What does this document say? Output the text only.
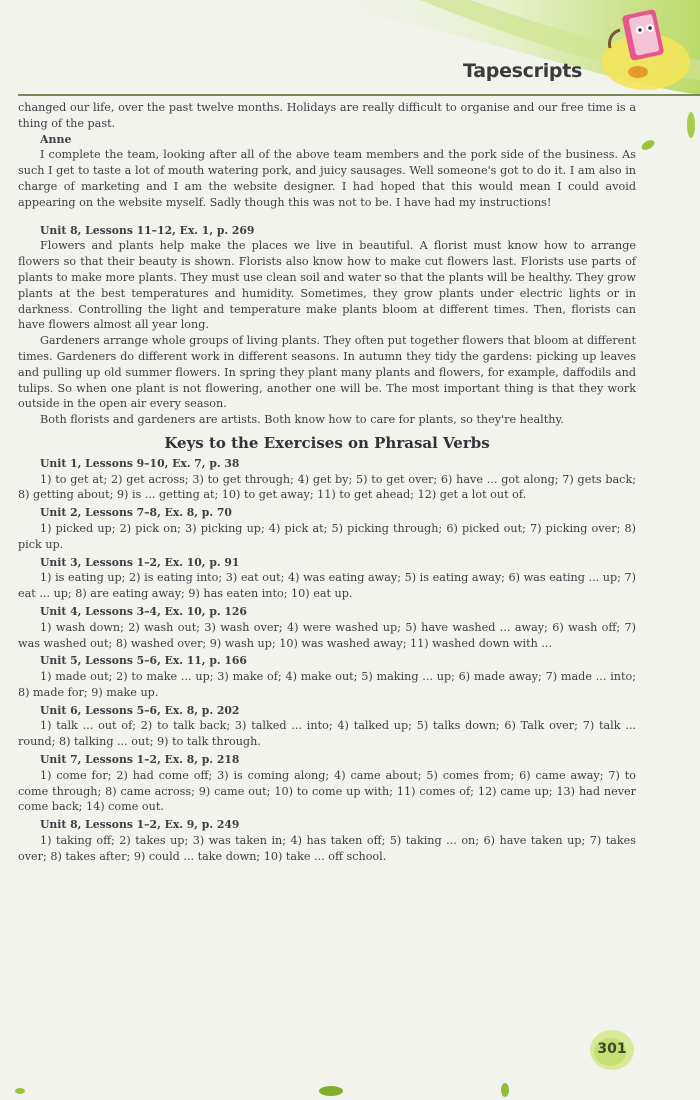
Tapescripts

changed our life, over the past twelve months. Holidays are really difficult to organise and our free time is a thing of the past.

Anne

I complete the team, looking after all of the above team members and the pork side of the business. As such I get to taste a lot of mouth watering pork, and juicy sausages. Well someone's got to do it. I am also in charge of marketing and I am the website designer. I had hoped that this would mean I could avoid appearing on the website myself. Sadly though this was not to be. I have had my instructions!

Unit 8, Lessons 11–12, Ex. 1, p. 269

Flowers and plants help make the places we live in beautiful. A florist must know how to arrange flowers so that their beauty is shown. Florists also know how to make cut flowers last. Florists use parts of plants to make more plants. They must use clean soil and water so that the plants will be healthy. They grow plants at the best temperatures and humidity. Sometimes, they grow plants under electric lights or in darkness. Controlling the light and temperature make plants bloom at different times. Then, florists can have flowers almost all year long.

Gardeners arrange whole groups of living plants. They often put together flowers that bloom at different times. Gardeners do different work in different seasons. In autumn they tidy the gardens: picking up leaves and pulling up old summer flowers. In spring they plant many plants and flowers, for example, daffodils and tulips. So when one plant is not flowering, another one will be. The most important thing is that they work outside in the open air every season.

Both florists and gardeners are artists. Both know how to care for plants, so they're healthy.

Keys to the Exercises on Phrasal Verbs

Unit 1, Lessons 9–10, Ex. 7, p. 38

1) to get at; 2) get across; 3) to get through; 4) get by; 5) to get over; 6) have ... got along; 7) gets back; 8) getting about; 9) is ... getting at; 10) to get away; 11) to get ahead; 12) get a lot out of.

Unit 2, Lessons 7–8, Ex. 8, p. 70

1) picked up; 2) pick on; 3) picking up; 4) pick at; 5) picking through; 6) picked out; 7) picking over; 8) pick up.

Unit 3, Lessons 1–2, Ex. 10, p. 91

1) is eating up; 2) is eating into; 3) eat out; 4) was eating away; 5) is eating away; 6) was eating ... up; 7) eat ... up; 8) are eating away; 9) has eaten into; 10) eat up.

Unit 4, Lessons 3–4, Ex. 10, p. 126

1) wash down; 2) wash out; 3) wash over; 4) were washed up; 5) have washed ... away; 6) wash off; 7) was washed out; 8) washed over; 9) wash up; 10) was washed away; 11) washed down with ...

Unit 5, Lessons 5–6, Ex. 11, p. 166

1) made out; 2) to make ... up; 3) make of; 4) make out; 5) making ... up; 6) made away; 7) made ... into; 8) made for; 9) make up.

Unit 6, Lessons 5–6, Ex. 8, p. 202

1) talk ... out of; 2) to talk back; 3) talked ... into; 4) talked up; 5) talks down; 6) Talk over; 7) talk ... round; 8) talking ... out; 9) to talk through.

Unit 7, Lessons 1–2, Ex. 8, p. 218

1) come for; 2) had come off; 3) is coming along; 4) came about; 5) comes from; 6) came away; 7) to come through; 8) came across; 9) came out; 10) to come up with; 11) comes of; 12) came up; 13) had never come back; 14) come out.

Unit 8, Lessons 1–2, Ex. 9, p. 249

1) taking off; 2) takes up; 3) was taken in; 4) has taken off; 5) taking ... on; 6) have taken up; 7) takes over; 8) takes after; 9) could ... take down; 10) take ... off school.

301
